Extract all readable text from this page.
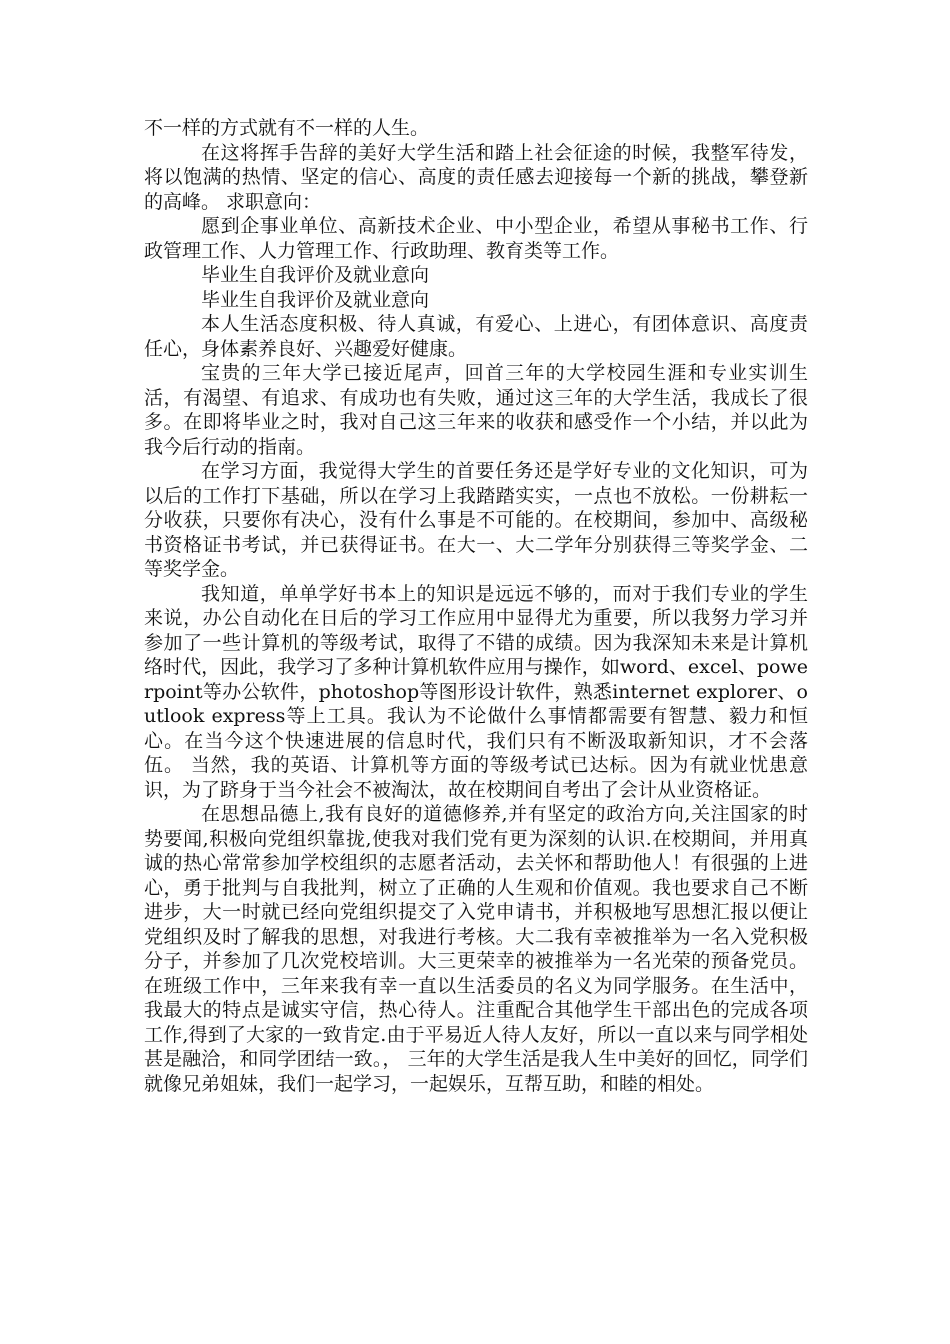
不一样的方式就有不一样的人生。

在这将挥手告辞的美好大学生活和踏上社会征途的时候，我整军待发，将以饱满的热情、坚定的信心、高度的责任感去迎接每一个新的挑战，攀登新的高峰。 求职意向：

愿到企事业单位、高新技术企业、中小型企业，希望从事秘书工作、行政管理工作、人力管理工作、行政助理、教育类等工作。

毕业生自我评价及就业意向

毕业生自我评价及就业意向

本人生活态度积极、待人真诚，有爱心、上进心，有团体意识、高度责任心，身体素养良好、兴趣爱好健康。

宝贵的三年大学已接近尾声，回首三年的大学校园生涯和专业实训生活，有渴望、有追求、有成功也有失败，通过这三年的大学生活，我成长了很多。在即将毕业之时，我对自己这三年来的收获和感受作一个小结，并以此为我今后行动的指南。

在学习方面，我觉得大学生的首要任务还是学好专业的文化知识，可为以后的工作打下基础，所以在学习上我踏踏实实，一点也不放松。一份耕耘一分收获，只要你有决心，没有什么事是不可能的。在校期间，参加中、高级秘书资格证书考试，并已获得证书。在大一、大二学年分别获得三等奖学金、二等奖学金。

我知道，单单学好书本上的知识是远远不够的，而对于我们专业的学生来说，办公自动化在日后的学习工作应用中显得尤为重要，所以我努力学习并参加了一些计算机的等级考试，取得了不错的成绩。因为我深知未来是计算机络时代，因此，我学习了多种计算机软件应用与操作，如word、excel、powerpoint等办公软件，photoshop等图形设计软件，熟悉internet explorer、outlook express等上工具。我认为不论做什么事情都需要有智慧、毅力和恒心。在当今这个快速进展的信息时代，我们只有不断汲取新知识，才不会落伍。 当然，我的英语、计算机等方面的等级考试已达标。因为有就业忧患意识，为了跻身于当今社会不被淘汰，故在校期间自考出了会计从业资格证。

在思想品德上,我有良好的道德修养,并有坚定的政治方向,关注国家的时势要闻,积极向党组织靠拢,使我对我们党有更为深刻的认识.在校期间，并用真诚的热心常常参加学校组织的志愿者活动，去关怀和帮助他人！有很强的上进心，勇于批判与自我批判，树立了正确的人生观和价值观。我也要求自己不断进步，大一时就已经向党组织提交了入党申请书，并积极地写思想汇报以便让党组织及时了解我的思想，对我进行考核。大二我有幸被推举为一名入党积极分子，并参加了几次党校培训。大三更荣幸的被推举为一名光荣的预备党员。 在班级工作中，三年来我有幸一直以生活委员的名义为同学服务。在生活中，我最大的特点是诚实守信，热心待人。注重配合其他学生干部出色的完成各项工作,得到了大家的一致肯定.由于平易近人待人友好，所以一直以来与同学相处甚是融洽，和同学团结一致。， 三年的大学生活是我人生中美好的回忆，同学们就像兄弟姐妹，我们一起学习，一起娱乐，互帮互助，和睦的相处。
